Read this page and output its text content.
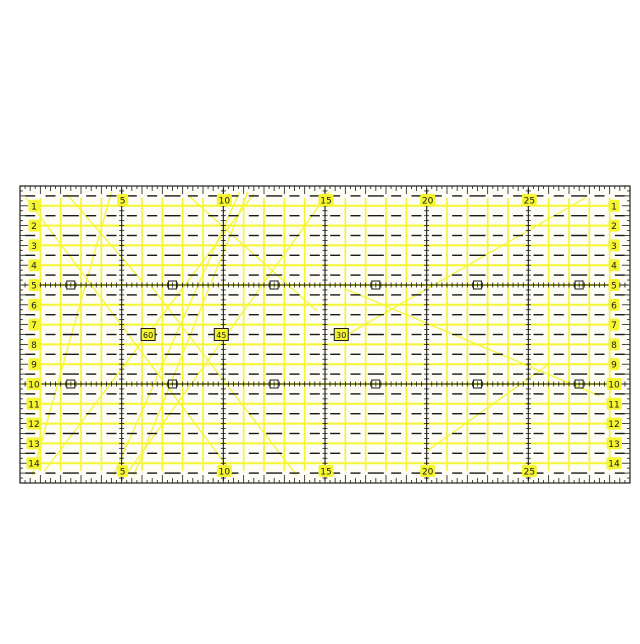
5	10	15	20	25
5	10	15	20	25
1	1
2	2
3	3
4	4
5	5
6	6
7	7
8	8
9	9
10	10
11	11
12	12
13	13
14	14
60	45	30
